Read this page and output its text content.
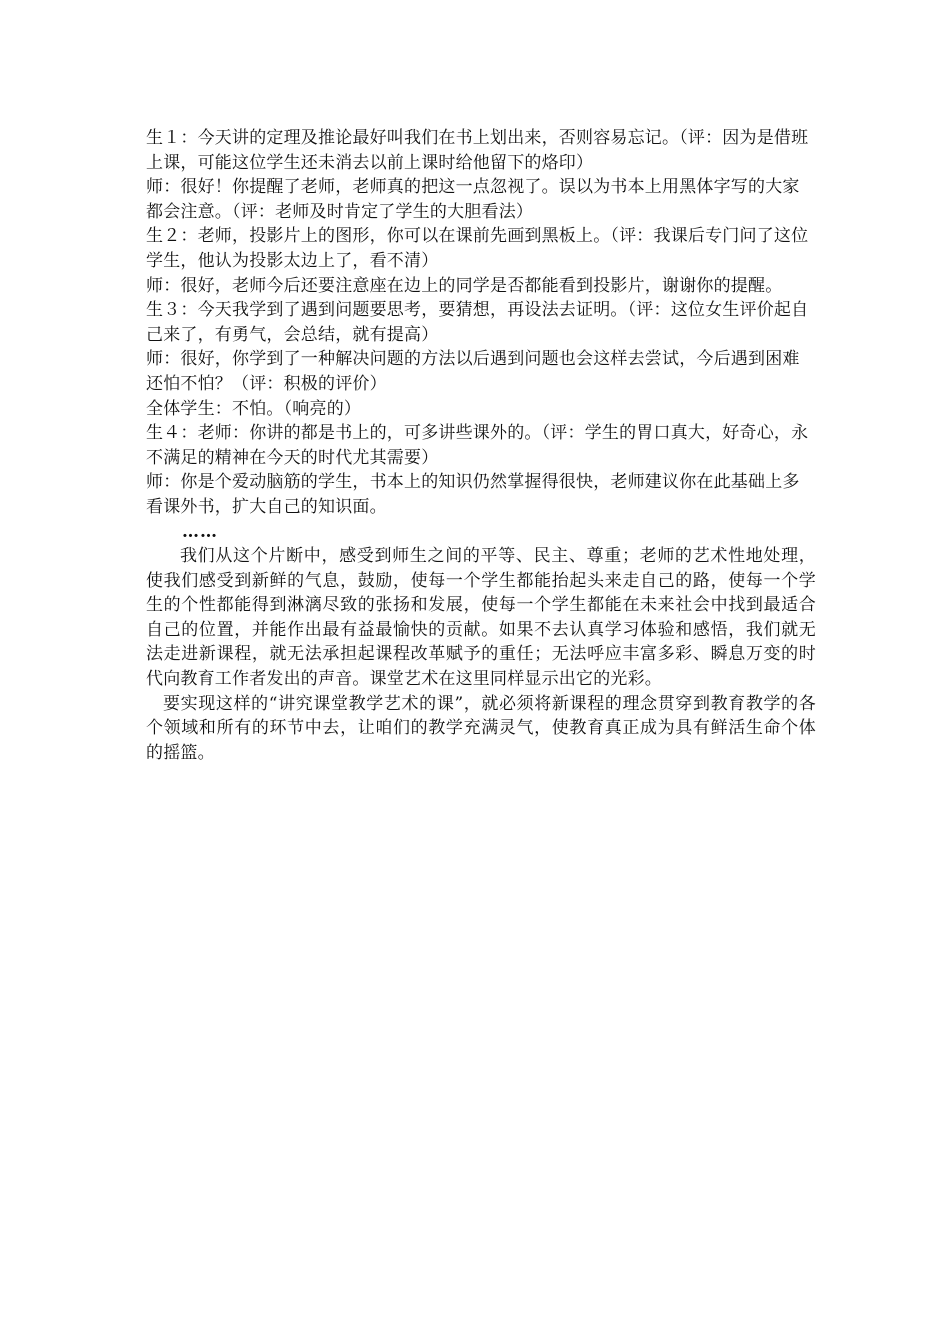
生１：今天讲的定理及推论最好叫我们在书上划出来，否则容易忘记。（评：因为是借班上课，可能这位学生还未消去以前上课时给他留下的烙印）

师：很好！你提醒了老师，老师真的把这一点忽视了。误以为书本上用黑体字写的大家都会注意。（评：老师及时肯定了学生的大胆看法）

生２：老师，投影片上的图形，你可以在课前先画到黑板上。（评：我课后专门问了这位学生，他认为投影太边上了，看不清）

师：很好，老师今后还要注意座在边上的同学是否都能看到投影片，谢谢你的提醒。

生３：今天我学到了遇到问题要思考，要猜想，再设法去证明。（评：这位女生评价起自己来了，有勇气，会总结，就有提高）

师：很好，你学到了一种解决问题的方法以后遇到问题也会这样去尝试，今后遇到困难还怕不怕？（评：积极的评价）

全体学生：不怕。（响亮的）

生４：老师：你讲的都是书上的，可多讲些课外的。（评：学生的胃口真大，好奇心，永不满足的精神在今天的时代尤其需要）

师：你是个爱动脑筋的学生，书本上的知识仍然掌握得很快，老师建议你在此基础上多　　看课外书，扩大自己的知识面。

……

我们从这个片断中，感受到师生之间的平等、民主、尊重；老师的艺术性地处理，使我们感受到新鲜的气息，鼓励，使每一个学生都能抬起头来走自己的路，使每一个学生的个性都能得到淋漓尽致的张扬和发展，使每一个学生都能在未来社会中找到最适合自己的位置，并能作出最有益最愉快的贡献。如果不去认真学习体验和感悟，我们就无法走进新课程，就无法承担起课程改革赋予的重任；无法呼应丰富多彩、瞬息万变的时代向教育工作者发出的声音。课堂艺术在这里同样显示出它的光彩。

要实现这样的“讲究课堂教学艺术的课”，就必须将新课程的理念贯穿到教育教学的各个领域和所有的环节中去，让咱们的教学充满灵气，使教育真正成为具有鲜活生命个体的摇篮。
